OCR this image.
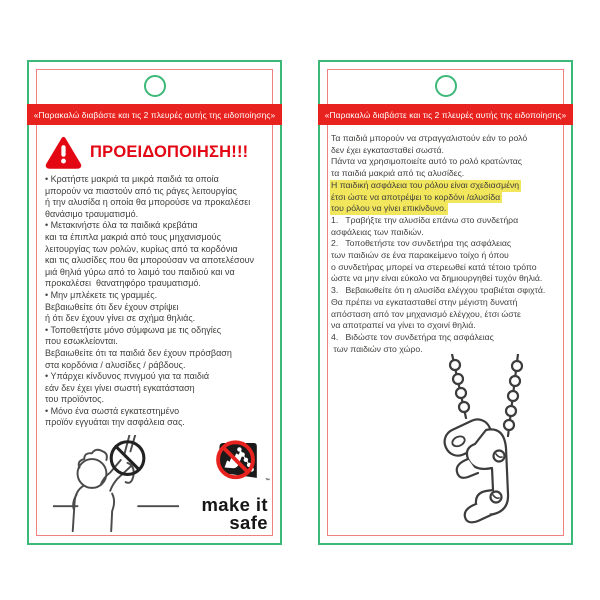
«Παρακαλώ διαβάστε και τις 2 πλευρές αυτής της ειδοποίησης»
ΠΡΟΕΙΔΟΠΟΙΗΣΗ!!!
• Κρατήστε μακριά τα μικρά παιδιά τα οποία
μπορούν να πιαστούν από τις ράγες λειτουργίας
ή την αλυσίδα η οποία θα μπορούσε να προκαλέσει
θανάσιμο τραυματισμό.
• Μετακινήστε όλα τα παιδικά κρεβάτια
και τα έπιπλα μακριά από τους μηχανισμούς
λειτουργίας των ρολών, κυρίως από τα κορδόνια
και τις αλυσίδες που θα μπορούσαν να αποτελέσουν
μιά θηλιά γύρω από το λαιμό του παιδιού και να
προκαλέσει  θανατηφόρο τραυματισμό.
• Μην μπλέκετε τις γραμμές.
Βεβαιωθείτε ότι δεν έχουν στρίψει
ή ότι δεν έχουν γίνει σε σχήμα θηλιάς.
• Τοποθετήστε μόνο σύμφωνα με τις οδηγίες
που εσωκλείονται.
Βεβαιωθείτε ότι τα παιδιά δεν έχουν πρόσβαση
στα κορδόνια / αλυσίδες / ράβδους.
• Υπάρχει κίνδυνος πνιγμού για τα παιδιά
εάν δεν έχει γίνει σωστή εγκατάσταση
του προϊόντος.
• Μόνο ένα σωστά εγκατεστημένο
προϊόν εγγυάται την ασφάλεια σας.
™
make it
safe
«Παρακαλώ διαβάστε και τις 2 πλευρές αυτής της ειδοποίησης»
Τα παιδιά μπορούν να στραγγαλιστούν εάν το ρολό
δεν έχει εγκατασταθεί σωστά.
Πάντα να χρησιμοποιείτε αυτό το ρολό κρατώντας
τα παιδιά μακριά από τις αλυσίδες.
Η παιδική ασφάλεια του ρόλου είναι σχεδιασμένη
έτσι ώστε να αποτρέψει το κορδόνι /αλυσίδα
του ρόλου να γίνει επικίνδυνο.
1.   Τραβήξτε την αλυσίδα επάνω στο συνδετήρα
ασφάλειας των παιδιών.
2.   Τοποθετήστε τον συνδετήρα της ασφάλειας
των παιδιών σε ένα παρακείμενο τοίχο ή όπου
ο συνδετήρας μπορεί να στερεωθεί κατά τέτοιο τρόπο
ώστε να μην είναι εύκολο να δημιουργηθεί τυχόν θηλιά.
3.   Βεβαιωθείτε ότι η αλυσίδα ελέγχου τραβιέται σφιχτά.
Θα πρέπει να εγκατασταθεί στην μέγιστη δυνατή
απόσταση από τον μηχανισμό ελέγχου, έτσι ώστε
να αποτραπεί να γίνει το σχοινί θηλιά.
4.   Βιδώστε τον συνδετήρα της ασφάλειας
των παιδιών στο χώρο.
